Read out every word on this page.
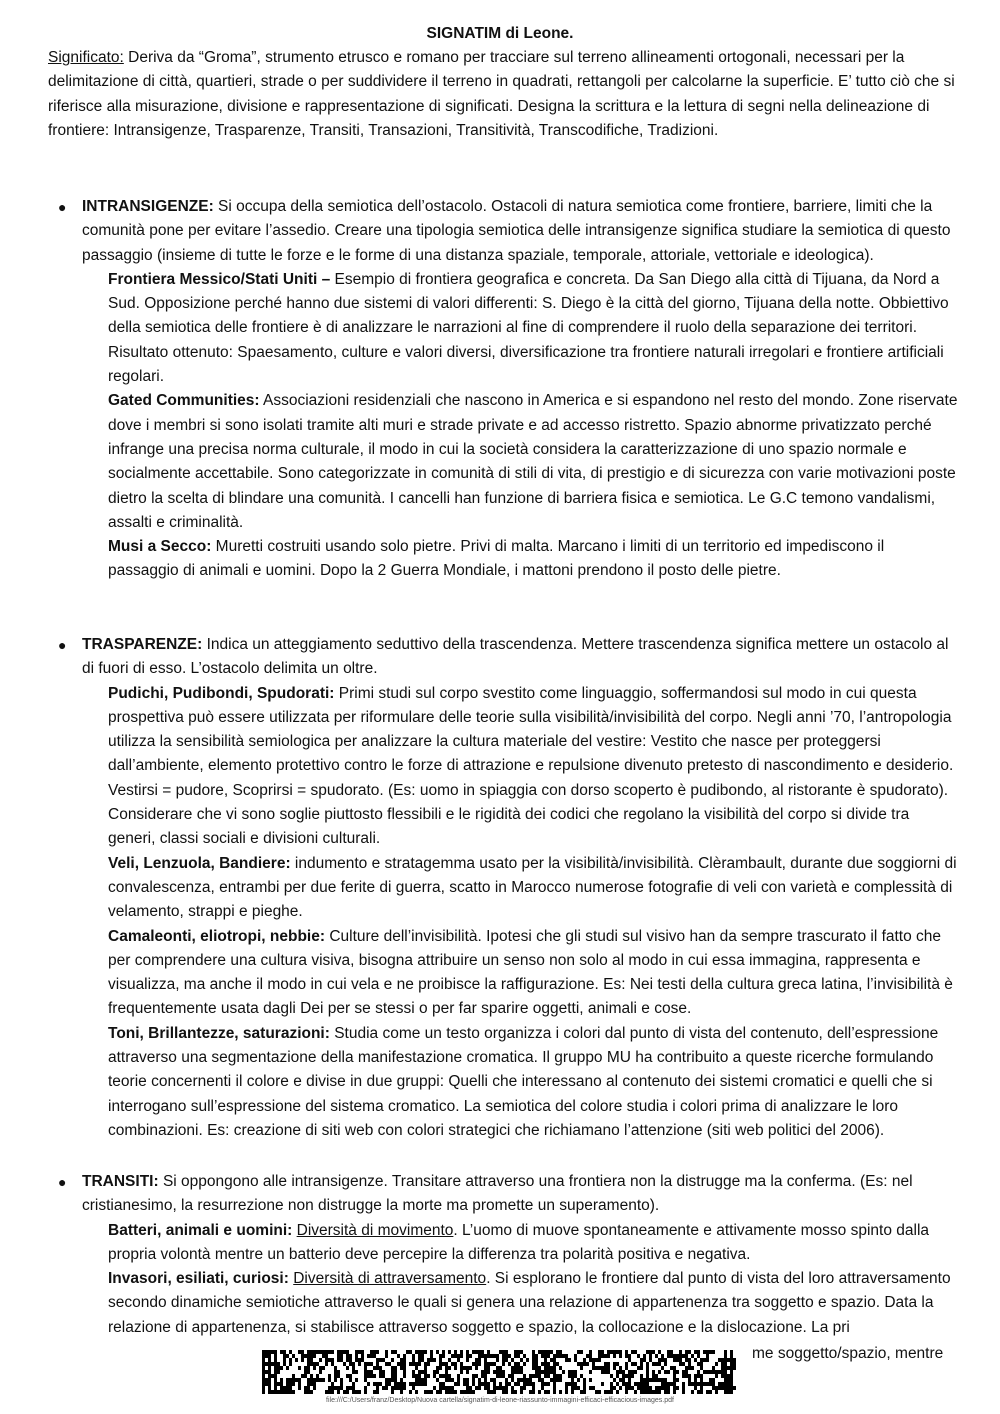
SIGNATIM di Leone.
Significato: Deriva da “Groma”, strumento etrusco e romano per tracciare sul terreno allineamenti ortogonali, necessari per la delimitazione di città, quartieri, strade o per suddividere il terreno in quadrati, rettangoli per calcolarne la superficie. E’ tutto ciò che si riferisce alla misurazione, divisione e rappresentazione di significati. Designa la scrittura e la lettura di segni nella delineazione di frontiere: Intransigenze, Trasparenze, Transiti, Transazioni, Transitività, Transcodifiche, Tradizioni.
● INTRANSIGENZE: Si occupa della semiotica dell’ostacolo. Ostacoli di natura semiotica come frontiere, barriere, limiti che la comunità pone per evitare l’assedio. Creare una tipologia semiotica delle intransigenze significa studiare la semiotica di questo passaggio (insieme di tutte le forze e le forme di una distanza spaziale, temporale, attoriale, vettoriale e ideologica).
Frontiera Messico/Stati Uniti – Esempio di frontiera geografica e concreta. Da San Diego alla città di Tijuana, da Nord a Sud. Opposizione perché hanno due sistemi di valori differenti: S. Diego è la città del giorno, Tijuana della notte. Obbiettivo della semiotica delle frontiere è di analizzare le narrazioni al fine di comprendere il ruolo della separazione dei territori. Risultato ottenuto: Spaesamento, culture e valori diversi, diversificazione tra frontiere naturali irregolari e frontiere artificiali regolari.
Gated Communities: Associazioni residenziali che nascono in America e si espandono nel resto del mondo. Zone riservate dove i membri si sono isolati tramite alti muri e strade private e ad accesso ristretto. Spazio abnorme privatizzato perché infrange una precisa norma culturale, il modo in cui la società considera la caratterizzazione di uno spazio normale e socialmente accettabile. Sono categorizzate in comunità di stili di vita, di prestigio e di sicurezza con varie motivazioni poste dietro la scelta di blindare una comunità. I cancelli han funzione di barriera fisica e semiotica. Le G.C temono vandalismi, assalti e criminalità.
Musi a Secco: Muretti costruiti usando solo pietre. Privi di malta. Marcano i limiti di un territorio ed impediscono il passaggio di animali e uomini. Dopo la 2 Guerra Mondiale, i mattoni prendono il posto delle pietre.
● TRASPARENZE: Indica un atteggiamento seduttivo della trascendenza. Mettere trascendenza significa mettere un ostacolo al di fuori di esso. L’ostacolo delimita un oltre.
Pudichi, Pudibondi, Spudorati: Primi studi sul corpo svestito come linguaggio, soffermandosi sul modo in cui questa prospettiva può essere utilizzata per riformulare delle teorie sulla visibilità/invisibilità del corpo. Negli anni ’70, l’antropologia utilizza la sensibilità semiologica per analizzare la cultura materiale del vestire: Vestito che nasce per proteggersi dall’ambiente, elemento protettivo contro le forze di attrazione e repulsione divenuto pretesto di nascondimento e desiderio. Vestirsi = pudore, Scoprirsi = spudorato. (Es: uomo in spiaggia con dorso scoperto è pudibondo, al ristorante è spudorato). Considerare che vi sono soglie piuttosto flessibili e le rigidità dei codici che regolano la visibilità del corpo si divide tra generi, classi sociali e divisioni culturali.
Veli, Lenzuola, Bandiere: indumento e stratagemma usato per la visibilità/invisibilità. Clèrambault, durante due soggiorni di convalescenza, entrambi per due ferite di guerra, scatto in Marocco numerose fotografie di veli con varietà e complessità di velamento, strappi e pieghe.
Camaleonti, eliotropi, nebbie: Culture dell’invisibilità. Ipotesi che gli studi sul visivo han da sempre trascurato il fatto che per comprendere una cultura visiva, bisogna attribuire un senso non solo al modo in cui essa immagina, rappresenta e visualizza, ma anche il modo in cui vela e ne proibisce la raffigurazione. Es: Nei testi della cultura greca latina, l’invisibilità è frequentemente usata dagli Dei per se stessi o per far sparire oggetti, animali e cose.
Toni, Brillantezze, saturazioni: Studia come un testo organizza i colori dal punto di vista del contenuto, dell’espressione attraverso una segmentazione della manifestazione cromatica. Il gruppo MU ha contribuito a queste ricerche formulando teorie concernenti il colore e divise in due gruppi: Quelli che interessano al contenuto dei sistemi cromatici e quelli che si interrogano sull’espressione del sistema cromatico. La semiotica del colore studia i colori prima di analizzare le loro combinazioni. Es: creazione di siti web con colori strategici che richiamano l’attenzione (siti web politici del 2006).
● TRANSITI: Si oppongono alle intransigenze. Transitare attraverso una frontiera non la distrugge ma la conferma. (Es: nel cristianesimo, la resurrezione non distrugge la morte ma promette un superamento).
Batteri, animali e uomini: Diversità di movimento. L’uomo di muove spontaneamente e attivamente mosso spinto dalla propria volontà mentre un batterio deve percepire la differenza tra polarità positiva e negativa.
Invasori, esiliati, curiosi: Diversità di attraversamento. Si esplorano le frontiere dal punto di vista del loro attraversamento secondo dinamiche semiotiche attraverso le quali si genera una relazione di appartenenza tra soggetto e spazio. Data la relazione di appartenenza, si stabilisce attraverso soggetto e spazio, la collocazione e la dislocazione. La pri
me soggetto/spazio, mentre
file:///C:/Users/franz/Desktop/Nuova cartella/signatim-di-leone-riassunto-immagini-efficaci-efficacious-images.pdf
